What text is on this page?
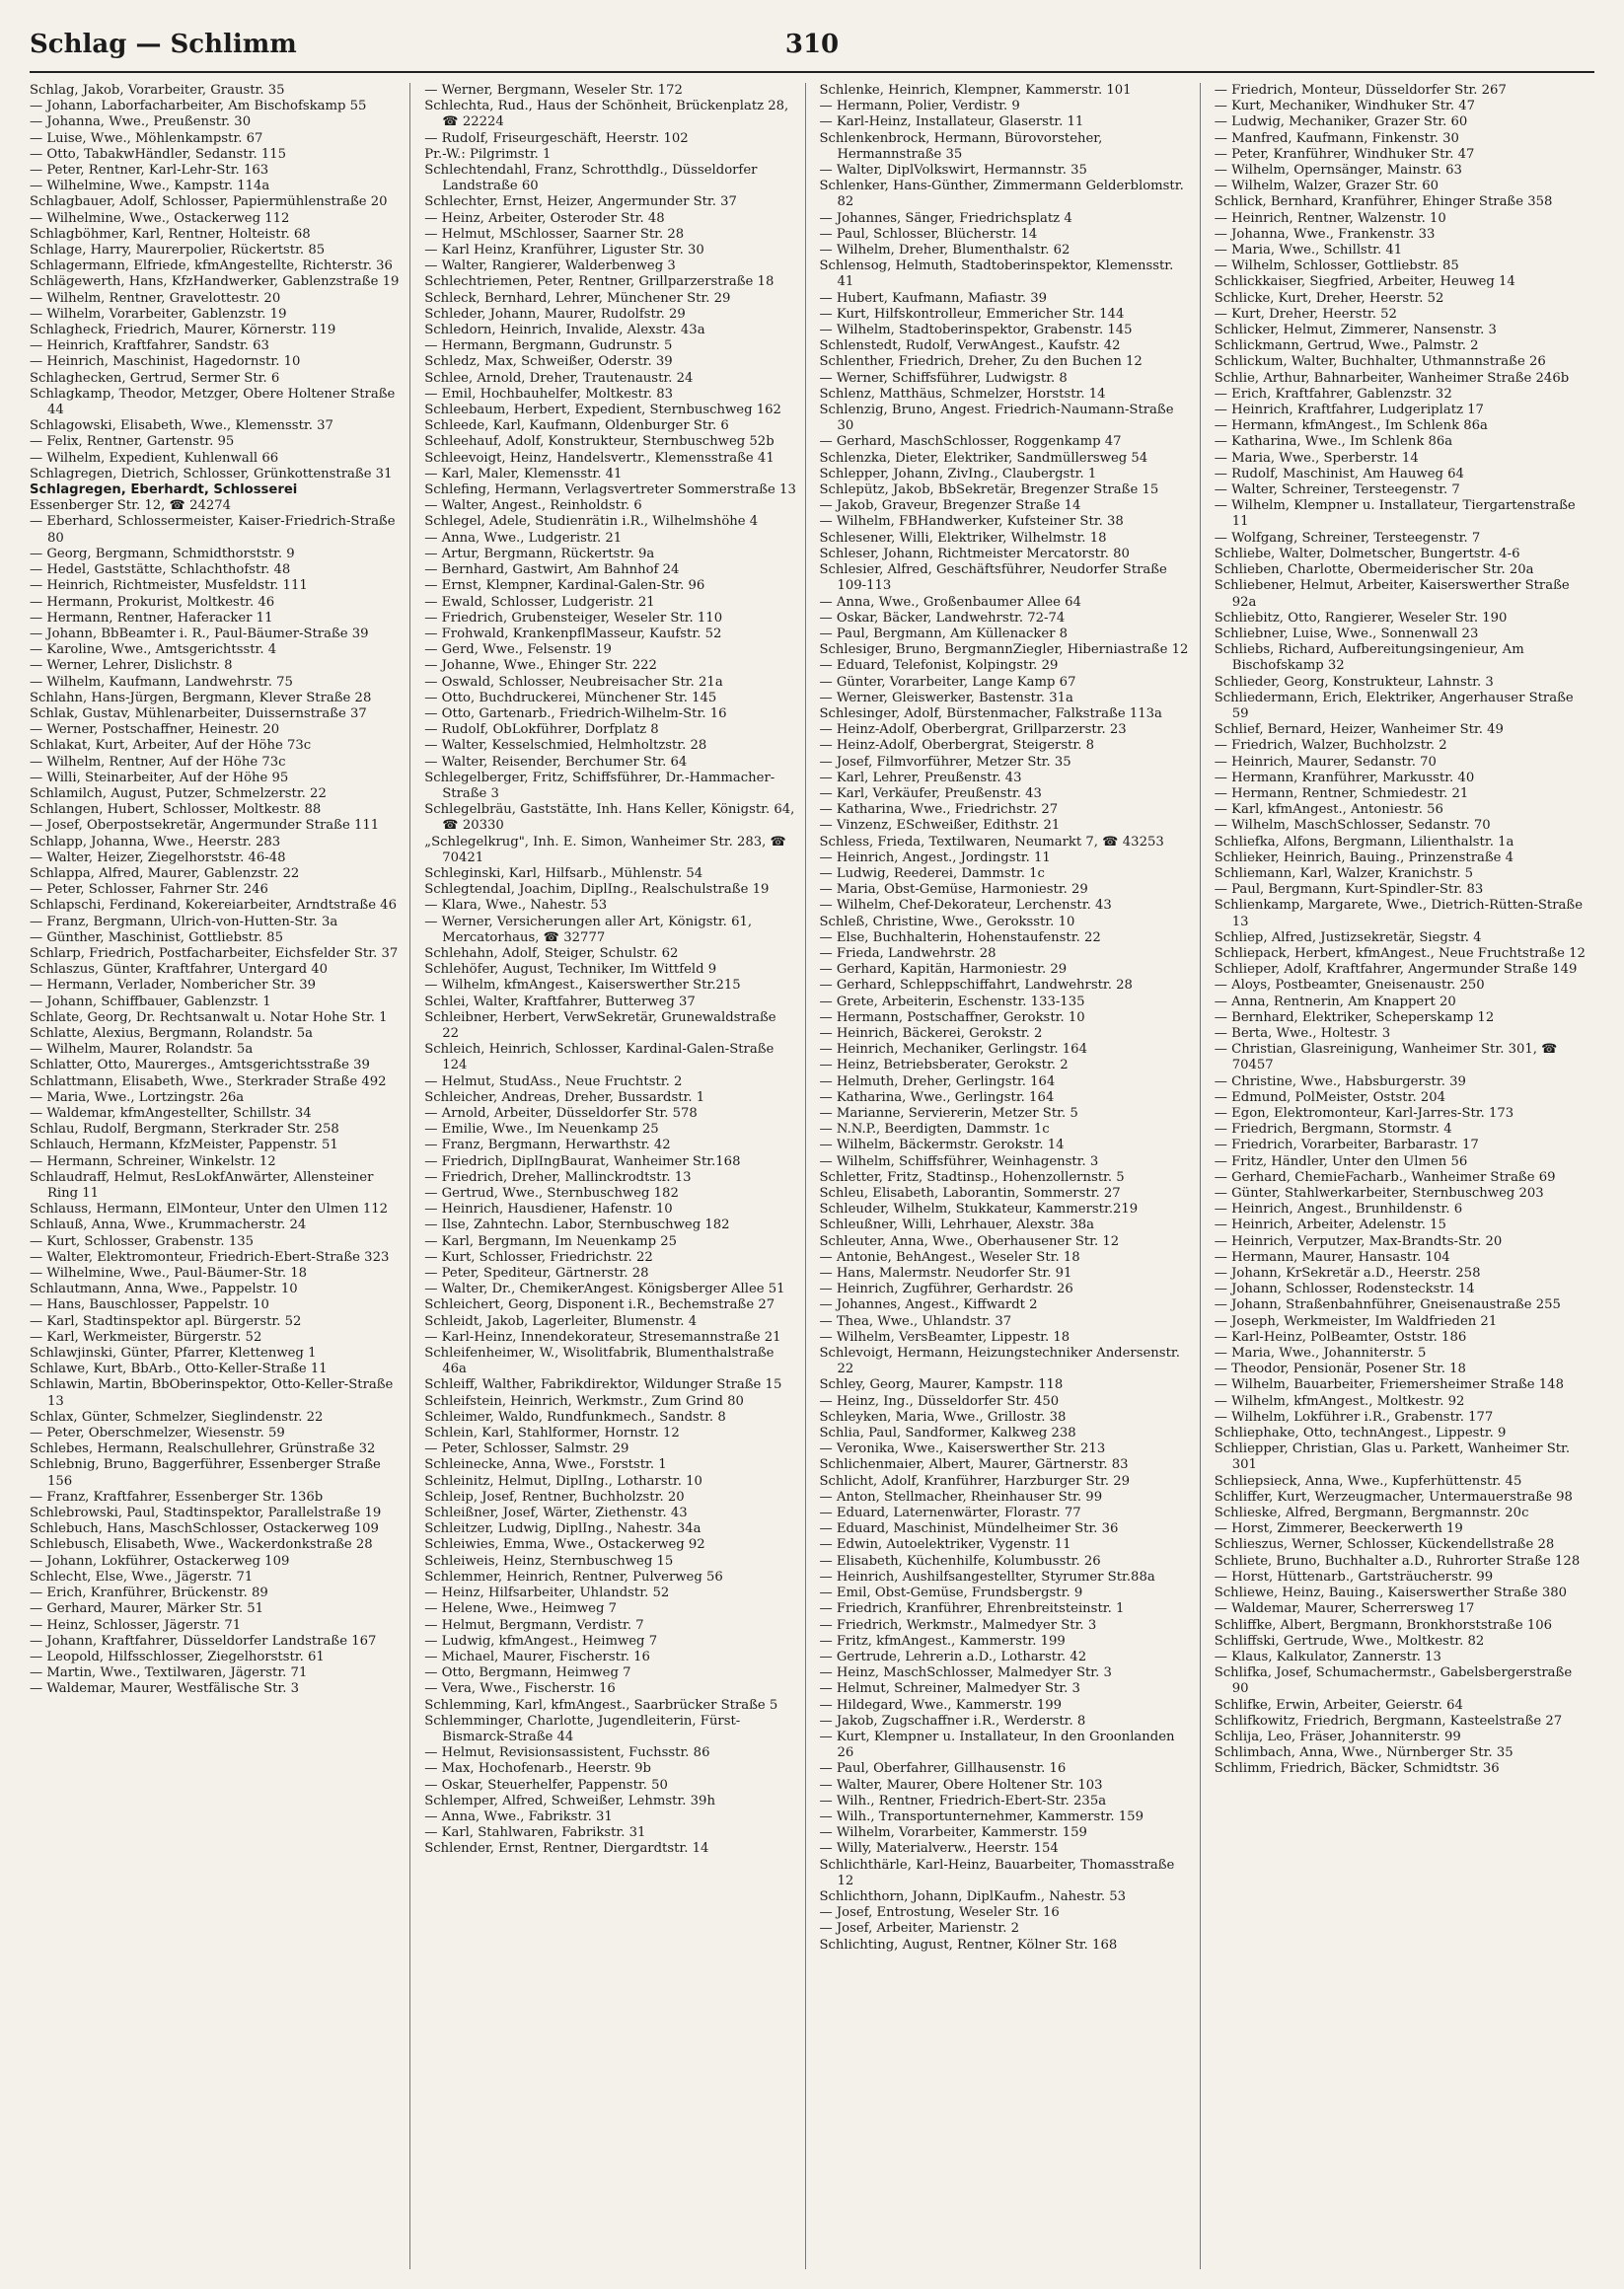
Schlag — Schlimm	310

Schlag, Jakob, Vorarbeiter, Graustr. 35

— Johann, Laborfacharbeiter, Am Bischofskamp 55

— Johanna, Wwe., Preußenstr. 30

— Luise, Wwe., Möhlenkampstr. 67

— Otto, TabakwHändler, Sedanstr. 115

— Peter, Rentner, Karl-Lehr-Str. 163

— Wilhelmine, Wwe., Kampstr. 114a

Schlagbauer, Adolf, Schlosser, Papiermühlenstraße 20

— Wilhelmine, Wwe., Ostackerweg 112

Schlagböhmer, Karl, Rentner, Holteistr. 68

Schlage, Harry, Maurerpolier, Rückertstr. 85

Schlagermann, Elfriede, kfmAngestellte, Richterstr. 36

Schlägewerth, Hans, KfzHandwerker, Gablenzstraße 19

— Wilhelm, Rentner, Gravelottestr. 20

— Wilhelm, Vorarbeiter, Gablenzstr. 19

Schlagheck, Friedrich, Maurer, Körnerstr. 119

— Heinrich, Kraftfahrer, Sandstr. 63

— Heinrich, Maschinist, Hagedornstr. 10

Schlaghecken, Gertrud, Sermer Str. 6

Schlagkamp, Theodor, Metzger, Obere Holtener Straße 44

Schlagowski, Elisabeth, Wwe., Klemensstr. 37

— Felix, Rentner, Gartenstr. 95

— Wilhelm, Expedient, Kuhlenwall 66

Schlagregen, Dietrich, Schlosser, Grünkottenstraße 31

Schlagregen, Eberhardt, Schlosserei

Essenberger Str. 12, ☎ 24274

— Eberhard, Schlossermeister, Kaiser-Friedrich-Straße 80

— Georg, Bergmann, Schmidthorststr. 9

— Hedel, Gaststätte, Schlachthofstr. 48

— Heinrich, Richtmeister, Musfeldstr. 111

— Hermann, Prokurist, Moltkestr. 46

— Hermann, Rentner, Haferacker 11

— Johann, BbBeamter i. R., Paul-Bäumer-Straße 39

— Karoline, Wwe., Amtsgerichtsstr. 4

— Werner, Lehrer, Dislichstr. 8

— Wilhelm, Kaufmann, Landwehrstr. 75

Schlahn, Hans-Jürgen, Bergmann, Klever Straße 28

Schlak, Gustav, Mühlenarbeiter, Duissernstraße 37

— Werner, Postschaffner, Heinestr. 20

Schlakat, Kurt, Arbeiter, Auf der Höhe 73c

— Wilhelm, Rentner, Auf der Höhe 73c

— Willi, Steinarbeiter, Auf der Höhe 95

Schlamilch, August, Putzer, Schmelzerstr. 22

Schlangen, Hubert, Schlosser, Moltkestr. 88

— Josef, Oberpostsekretär, Angermunder Straße 111

Schlapp, Johanna, Wwe., Heerstr. 283

— Walter, Heizer, Ziegelhorststr. 46-48

Schlappa, Alfred, Maurer, Gablenzstr. 22

— Peter, Schlosser, Fahrner Str. 246

Schlapschi, Ferdinand, Kokereiarbeiter, Arndtstraße 46

— Franz, Bergmann, Ulrich-von-Hutten-Str. 3a

— Günther, Maschinist, Gottliebstr. 85

Schlarp, Friedrich, Postfacharbeiter, Eichsfelder Str. 37

Schlaszus, Günter, Kraftfahrer, Untergard 40

— Hermann, Verlader, Nombericher Str. 39

— Johann, Schiffbauer, Gablenzstr. 1

Schlate, Georg, Dr. Rechtsanwalt u. Notar Hohe Str. 1

Schlatte, Alexius, Bergmann, Rolandstr. 5a

— Wilhelm, Maurer, Rolandstr. 5a

Schlatter, Otto, Maurerges., Amtsgerichtsstraße 39

Schlattmann, Elisabeth, Wwe., Sterkrader Straße 492

— Maria, Wwe., Lortzingstr. 26a

— Waldemar, kfmAngestellter, Schillstr. 34

Schlau, Rudolf, Bergmann, Sterkrader Str. 258

Schlauch, Hermann, KfzMeister, Pappenstr. 51

— Hermann, Schreiner, Winkelstr. 12

Schlaudraff, Helmut, ResLokfAnwärter, Allensteiner Ring 11

Schlauss, Hermann, ElMonteur, Unter den Ulmen 112

Schlauß, Anna, Wwe., Krummacherstr. 24

— Kurt, Schlosser, Grabenstr. 135

— Walter, Elektromonteur, Friedrich-Ebert-Straße 323

— Wilhelmine, Wwe., Paul-Bäumer-Str. 18

Schlautmann, Anna, Wwe., Pappelstr. 10

— Hans, Bauschlosser, Pappelstr. 10

— Karl, Stadtinspektor apl. Bürgerstr. 52

— Karl, Werkmeister, Bürgerstr. 52

Schlawjinski, Günter, Pfarrer, Klettenweg 1

Schlawe, Kurt, BbArb., Otto-Keller-Straße 11

Schlawin, Martin, BbOberinspektor, Otto-Keller-Straße 13

Schlax, Günter, Schmelzer, Sieglindenstr. 22

— Peter, Oberschmelzer, Wiesenstr. 59

Schlebes, Hermann, Realschullehrer, Grünstraße 32

Schlebnig, Bruno, Baggerführer, Essenberger Straße 156

— Franz, Kraftfahrer, Essenberger Str. 136b

Schlebrowski, Paul, Stadtinspektor, Parallelstraße 19

Schlebuch, Hans, MaschSchlosser, Ostackerweg 109

Schlebusch, Elisabeth, Wwe., Wackerdonkstraße 28

— Johann, Lokführer, Ostackerweg 109

Schlecht, Else, Wwe., Jägerstr. 71

— Erich, Kranführer, Brückenstr. 89

— Gerhard, Maurer, Märker Str. 51

— Heinz, Schlosser, Jägerstr. 71

— Johann, Kraftfahrer, Düsseldorfer Landstraße 167

— Leopold, Hilfsschlosser, Ziegelhorststr. 61

— Martin, Wwe., Textilwaren, Jägerstr. 71

— Waldemar, Maurer, Westfälische Str. 3

— Werner, Bergmann, Weseler Str. 172

Schlechta, Rud., Haus der Schönheit, Brückenplatz 28, ☎ 22224

— Rudolf, Friseurgeschäft, Heerstr. 102

Pr.-W.: Pilgrimstr. 1

Schlechtendahl, Franz, Schrotthdlg., Düsseldorfer Landstraße 60

Schlechter, Ernst, Heizer, Angermunder Str. 37

— Heinz, Arbeiter, Osteroder Str. 48

— Helmut, MSchlosser, Saarner Str. 28

— Karl Heinz, Kranführer, Liguster Str. 30

— Walter, Rangierer, Walderbenweg 3

Schlechtriemen, Peter, Rentner, Grillparzerstraße 18

Schleck, Bernhard, Lehrer, Münchener Str. 29

Schleder, Johann, Maurer, Rudolfstr. 29

Schledorn, Heinrich, Invalide, Alexstr. 43a

— Hermann, Bergmann, Gudrunstr. 5

Schledz, Max, Schweißer, Oderstr. 39

Schlee, Arnold, Dreher, Trautenaustr. 24

— Emil, Hochbauhelfer, Moltkestr. 83

Schleebaum, Herbert, Expedient, Sternbuschweg 162

Schleede, Karl, Kaufmann, Oldenburger Str. 6

Schleehauf, Adolf, Konstrukteur, Sternbuschweg 52b

Schleevoigt, Heinz, Handelsvertr., Klemensstraße 41

— Karl, Maler, Klemensstr. 41

Schlefing, Hermann, Verlagsvertreter Sommerstraße 13

— Walter, Angest., Reinholdstr. 6

Schlegel, Adele, Studienrätin i.R., Wilhelmshöhe 4

— Anna, Wwe., Ludgeristr. 21

— Artur, Bergmann, Rückertstr. 9a

— Bernhard, Gastwirt, Am Bahnhof 24

— Ernst, Klempner, Kardinal-Galen-Str. 96

— Ewald, Schlosser, Ludgeristr. 21

— Friedrich, Grubensteiger, Weseler Str. 110

— Frohwald, KrankenpflMasseur, Kaufstr. 52

— Gerd, Wwe., Felsenstr. 19

— Johanne, Wwe., Ehinger Str. 222

— Oswald, Schlosser, Neubreisacher Str. 21a

— Otto, Buchdruckerei, Münchener Str. 145

— Otto, Gartenarb., Friedrich-Wilhelm-Str. 16

— Rudolf, ObLokführer, Dorfplatz 8

— Walter, Kesselschmied, Helmholtzstr. 28

— Walter, Reisender, Berchumer Str. 64

Schlegelberger, Fritz, Schiffsführer, Dr.-Hammacher-Straße 3

Schlegelbräu, Gaststätte, Inh. Hans Keller, Königstr. 64, ☎ 20330

„Schlegelkrug", Inh. E. Simon, Wanheimer Str. 283, ☎ 70421

Schleginski, Karl, Hilfsarb., Mühlenstr. 54

Schlegtendal, Joachim, DiplIng., Realschulstraße 19

— Klara, Wwe., Nahestr. 53

— Werner, Versicherungen aller Art, Königstr. 61, Mercatorhaus, ☎ 32777

Schlehahn, Adolf, Steiger, Schulstr. 62

Schlehöfer, August, Techniker, Im Wittfeld 9

— Wilhelm, kfmAngest., Kaiserswerther Str.215

Schlei, Walter, Kraftfahrer, Butterweg 37

Schleibner, Herbert, VerwSekretär, Grunewaldstraße 22

Schleich, Heinrich, Schlosser, Kardinal-Galen-Straße 124

— Helmut, StudAss., Neue Fruchtstr. 2

Schleicher, Andreas, Dreher, Bussardstr. 1

— Arnold, Arbeiter, Düsseldorfer Str. 578

— Emilie, Wwe., Im Neuenkamp 25

— Franz, Bergmann, Herwarthstr. 42

— Friedrich, DiplIngBaurat, Wanheimer Str.168

— Friedrich, Dreher, Mallinckrodtstr. 13

— Gertrud, Wwe., Sternbuschweg 182

— Heinrich, Hausdiener, Hafenstr. 10

— Ilse, Zahntechn. Labor, Sternbuschweg 182

— Karl, Bergmann, Im Neuenkamp 25

— Kurt, Schlosser, Friedrichstr. 22

— Peter, Spediteur, Gärtnerstr. 28

— Walter, Dr., ChemikerAngest. Königsberger Allee 51

Schleichert, Georg, Disponent i.R., Bechemstraße 27

Schleidt, Jakob, Lagerleiter, Blumenstr. 4

— Karl-Heinz, Innendekorateur, Stresemannstraße 21

Schleifenheimer, W., Wisolitfabrik, Blumenthalstraße 46a

Schleiff, Walther, Fabrikdirektor, Wildunger Straße 15

Schleifstein, Heinrich, Werkmstr., Zum Grind 80

Schleimer, Waldo, Rundfunkmech., Sandstr. 8

Schlein, Karl, Stahlformer, Hornstr. 12

— Peter, Schlosser, Salmstr. 29

Schleinecke, Anna, Wwe., Forststr. 1

Schleinitz, Helmut, DiplIng., Lotharstr. 10

Schleip, Josef, Rentner, Buchholzstr. 20

Schleißner, Josef, Wärter, Ziethenstr. 43

Schleitzer, Ludwig, DiplIng., Nahestr. 34a

Schleiwies, Emma, Wwe., Ostackerweg 92

Schleiweis, Heinz, Sternbuschweg 15

Schlemmer, Heinrich, Rentner, Pulverweg 56

— Heinz, Hilfsarbeiter, Uhlandstr. 52

— Helene, Wwe., Heimweg 7

— Helmut, Bergmann, Verdistr. 7

— Ludwig, kfmAngest., Heimweg 7

— Michael, Maurer, Fischerstr. 16

— Otto, Bergmann, Heimweg 7

— Vera, Wwe., Fischerstr. 16

Schlemming, Karl, kfmAngest., Saarbrücker Straße 5

Schlemminger, Charlotte, Jugendleiterin, Fürst-Bismarck-Straße 44

— Helmut, Revisionsassistent, Fuchsstr. 86

— Max, Hochofenarb., Heerstr. 9b

— Oskar, Steuerhelfer, Pappenstr. 50

Schlemper, Alfred, Schweißer, Lehmstr. 39h

— Anna, Wwe., Fabrikstr. 31

— Karl, Stahlwaren, Fabrikstr. 31

Schlender, Ernst, Rentner, Diergardtstr. 14

Schlenke, Heinrich, Klempner, Kammerstr. 101

— Hermann, Polier, Verdistr. 9

— Karl-Heinz, Installateur, Glaserstr. 11

Schlenkenbrock, Hermann, Bürovorsteher, Hermannstraße 35

— Walter, DiplVolkswirt, Hermannstr. 35

Schlenker, Hans-Günther, Zimmermann Gelderblomstr. 82

— Johannes, Sänger, Friedrichsplatz 4

— Paul, Schlosser, Blücherstr. 14

— Wilhelm, Dreher, Blumenthalstr. 62

Schlensog, Helmuth, Stadtoberinspektor, Klemensstr. 41

— Hubert, Kaufmann, Mafiastr. 39

— Kurt, Hilfskontrolleur, Emmericher Str. 144

— Wilhelm, Stadtoberinspektor, Grabenstr. 145

Schlenstedt, Rudolf, VerwAngest., Kaufstr. 42

Schlenther, Friedrich, Dreher, Zu den Buchen 12

— Werner, Schiffsführer, Ludwigstr. 8

Schlenz, Matthäus, Schmelzer, Horststr. 14

Schlenzig, Bruno, Angest. Friedrich-Naumann-Straße 30

— Gerhard, MaschSchlosser, Roggenkamp 47

Schlenzka, Dieter, Elektriker, Sandmüllersweg 54

Schlepper, Johann, ZivIng., Claubergstr. 1

Schlepütz, Jakob, BbSekretär, Bregenzer Straße 15

— Jakob, Graveur, Bregenzer Straße 14

— Wilhelm, FBHandwerker, Kufsteiner Str. 38

Schlesener, Willi, Elektriker, Wilhelmstr. 18

Schleser, Johann, Richtmeister Mercatorstr. 80

Schlesier, Alfred, Geschäftsführer, Neudorfer Straße 109-113

— Anna, Wwe., Großenbaumer Allee 64

— Oskar, Bäcker, Landwehrstr. 72-74

— Paul, Bergmann, Am Küllenacker 8

Schlesiger, Bruno, BergmannZiegler, Hiberniastraße 12

— Eduard, Telefonist, Kolpingstr. 29

— Günter, Vorarbeiter, Lange Kamp 67

— Werner, Gleiswerker, Bastenstr. 31a

Schlesinger, Adolf, Bürstenmacher, Falkstraße 113a

— Heinz-Adolf, Oberbergrat, Grillparzerstr. 23

— Heinz-Adolf, Oberbergrat, Steigerstr. 8

— Josef, Filmvorführer, Metzer Str. 35

— Karl, Lehrer, Preußenstr. 43

— Karl, Verkäufer, Preußenstr. 43

— Katharina, Wwe., Friedrichstr. 27

— Vinzenz, ESchweißer, Edithstr. 21

Schless, Frieda, Textilwaren, Neumarkt 7, ☎ 43253

— Heinrich, Angest., Jordingstr. 11

— Ludwig, Reederei, Dammstr. 1c

— Maria, Obst-Gemüse, Harmoniestr. 29

— Wilhelm, Chef-Dekorateur, Lerchenstr. 43

Schleß, Christine, Wwe., Geroksstr. 10

— Else, Buchhalterin, Hohenstaufenstr. 22

— Frieda, Landwehrstr. 28

— Gerhard, Kapitän, Harmoniestr. 29

— Gerhard, Schleppschiffahrt, Landwehrstr. 28

— Grete, Arbeiterin, Eschenstr. 133-135

— Hermann, Postschaffner, Gerokstr. 10

— Heinrich, Bäckerei, Gerokstr. 2

— Heinrich, Mechaniker, Gerlingstr. 164

— Heinz, Betriebsberater, Gerokstr. 2

— Helmuth, Dreher, Gerlingstr. 164

— Katharina, Wwe., Gerlingstr. 164

— Marianne, Serviererin, Metzer Str. 5

— N.N.P., Beerdigten, Dammstr. 1c

— Wilhelm, Bäckermstr. Gerokstr. 14

— Wilhelm, Schiffsführer, Weinhagenstr. 3

Schletter, Fritz, Stadtinsp., Hohenzollernstr. 5

Schleu, Elisabeth, Laborantin, Sommerstr. 27

Schleuder, Wilhelm, Stukkateur, Kammerstr.219

Schleußner, Willi, Lehrhauer, Alexstr. 38a

Schleuter, Anna, Wwe., Oberhausener Str. 12

— Antonie, BehAngest., Weseler Str. 18

— Hans, Malermstr. Neudorfer Str. 91

— Heinrich, Zugführer, Gerhardstr. 26

— Johannes, Angest., Kiffwardt 2

— Thea, Wwe., Uhlandstr. 37

— Wilhelm, VersBeamter, Lippestr. 18

Schlevoigt, Hermann, Heizungstechniker Andersenstr. 22

Schley, Georg, Maurer, Kampstr. 118

— Heinz, Ing., Düsseldorfer Str. 450

Schleyken, Maria, Wwe., Grillostr. 38

Schlia, Paul, Sandformer, Kalkweg 238

— Veronika, Wwe., Kaiserswerther Str. 213

Schlichenmaier, Albert, Maurer, Gärtnerstr. 83

Schlicht, Adolf, Kranführer, Harzburger Str. 29

— Anton, Stellmacher, Rheinhauser Str. 99

— Eduard, Laternenwärter, Florastr. 77

— Eduard, Maschinist, Mündelheimer Str. 36

— Edwin, Autoelektriker, Vygenstr. 11

— Elisabeth, Küchenhilfe, Kolumbusstr. 26

— Heinrich, Aushilfsangestellter, Styrumer Str.88a

— Emil, Obst-Gemüse, Frundsbergstr. 9

— Friedrich, Kranführer, Ehrenbreitsteinstr. 1

— Friedrich, Werkmstr., Malmedyer Str. 3

— Fritz, kfmAngest., Kammerstr. 199

— Gertrude, Lehrerin a.D., Lotharstr. 42

— Heinz, MaschSchlosser, Malmedyer Str. 3

— Helmut, Schreiner, Malmedyer Str. 3

— Hildegard, Wwe., Kammerstr. 199

— Jakob, Zugschaffner i.R., Werderstr. 8

— Kurt, Klempner u. Installateur, In den Groonlanden 26

— Paul, Oberfahrer, Gillhausenstr. 16

— Walter, Maurer, Obere Holtener Str. 103

— Wilh., Rentner, Friedrich-Ebert-Str. 235a

— Wilh., Transportunternehmer, Kammerstr. 159

— Wilhelm, Vorarbeiter, Kammerstr. 159

— Willy, Materialverw., Heerstr. 154

Schlichthärle, Karl-Heinz, Bauarbeiter, Thomasstraße 12

Schlichthorn, Johann, DiplKaufm., Nahestr. 53

— Josef, Entrostung, Weseler Str. 16

— Josef, Arbeiter, Marienstr. 2

Schlichting, August, Rentner, Kölner Str. 168

— Friedrich, Monteur, Düsseldorfer Str. 267

— Kurt, Mechaniker, Windhuker Str. 47

— Ludwig, Mechaniker, Grazer Str. 60

— Manfred, Kaufmann, Finkenstr. 30

— Peter, Kranführer, Windhuker Str. 47

— Wilhelm, Opernsänger, Mainstr. 63

— Wilhelm, Walzer, Grazer Str. 60

Schlick, Bernhard, Kranführer, Ehinger Straße 358

— Heinrich, Rentner, Walzenstr. 10

— Johanna, Wwe., Frankenstr. 33

— Maria, Wwe., Schillstr. 41

— Wilhelm, Schlosser, Gottliebstr. 85

Schlickkaiser, Siegfried, Arbeiter, Heuweg 14

Schlicke, Kurt, Dreher, Heerstr. 52

— Kurt, Dreher, Heerstr. 52

Schlicker, Helmut, Zimmerer, Nansenstr. 3

Schlickmann, Gertrud, Wwe., Palmstr. 2

Schlickum, Walter, Buchhalter, Uthmannstraße 26

Schlie, Arthur, Bahnarbeiter, Wanheimer Straße 246b

— Erich, Kraftfahrer, Gablenzstr. 32

— Heinrich, Kraftfahrer, Ludgeriplatz 17

— Hermann, kfmAngest., Im Schlenk 86a

— Katharina, Wwe., Im Schlenk 86a

— Maria, Wwe., Sperberstr. 14

— Rudolf, Maschinist, Am Hauweg 64

— Walter, Schreiner, Tersteegenstr. 7

— Wilhelm, Klempner u. Installateur, Tiergartenstraße 11

— Wolfgang, Schreiner, Tersteegenstr. 7

Schliebe, Walter, Dolmetscher, Bungertstr. 4-6

Schlieben, Charlotte, Obermeiderischer Str. 20a

Schliebener, Helmut, Arbeiter, Kaiserswerther Straße 92a

Schliebitz, Otto, Rangierer, Weseler Str. 190

Schliebner, Luise, Wwe., Sonnenwall 23

Schliebs, Richard, Aufbereitungsingenieur, Am Bischofskamp 32

Schlieder, Georg, Konstrukteur, Lahnstr. 3

Schliedermann, Erich, Elektriker, Angerhauser Straße 59

Schlief, Bernard, Heizer, Wanheimer Str. 49

— Friedrich, Walzer, Buchholzstr. 2

— Heinrich, Maurer, Sedanstr. 70

— Hermann, Kranführer, Markusstr. 40

— Hermann, Rentner, Schmiedestr. 21

— Karl, kfmAngest., Antoniestr. 56

— Wilhelm, MaschSchlosser, Sedanstr. 70

Schliefka, Alfons, Bergmann, Lilienthalstr. 1a

Schlieker, Heinrich, Bauing., Prinzenstraße 4

Schliemann, Karl, Walzer, Kranichstr. 5

— Paul, Bergmann, Kurt-Spindler-Str. 83

Schlienkamp, Margarete, Wwe., Dietrich-Rütten-Straße 13

Schliep, Alfred, Justizsekretär, Siegstr. 4

Schliepack, Herbert, kfmAngest., Neue Fruchtstraße 12

Schlieper, Adolf, Kraftfahrer, Angermunder Straße 149

— Aloys, Postbeamter, Gneisenaustr. 250

— Anna, Rentnerin, Am Knappert 20

— Bernhard, Elektriker, Scheperskamp 12

— Berta, Wwe., Holtestr. 3

— Christian, Glasreinigung, Wanheimer Str. 301, ☎ 70457

— Christine, Wwe., Habsburgerstr. 39

— Edmund, PolMeister, Oststr. 204

— Egon, Elektromonteur, Karl-Jarres-Str. 173

— Friedrich, Bergmann, Stormstr. 4

— Friedrich, Vorarbeiter, Barbarastr. 17

— Fritz, Händler, Unter den Ulmen 56

— Gerhard, ChemieFacharb., Wanheimer Straße 69

— Günter, Stahlwerkarbeiter, Sternbuschweg 203

— Heinrich, Angest., Brunhildenstr. 6

— Heinrich, Arbeiter, Adelenstr. 15

— Heinrich, Verputzer, Max-Brandts-Str. 20

— Hermann, Maurer, Hansastr. 104

— Johann, KrSekretär a.D., Heerstr. 258

— Johann, Schlosser, Rodensteckstr. 14

— Johann, Straßenbahnführer, Gneisenaustraße 255

— Joseph, Werkmeister, Im Waldfrieden 21

— Karl-Heinz, PolBeamter, Oststr. 186

— Maria, Wwe., Johanniterstr. 5

— Theodor, Pensionär, Posener Str. 18

— Wilhelm, Bauarbeiter, Friemersheimer Straße 148

— Wilhelm, kfmAngest., Moltkestr. 92

— Wilhelm, Lokführer i.R., Grabenstr. 177

Schliephake, Otto, technAngest., Lippestr. 9

Schliepper, Christian, Glas u. Parkett, Wanheimer Str. 301

Schliepsieck, Anna, Wwe., Kupferhüttenstr. 45

Schliffer, Kurt, Werzeugmacher, Untermauerstraße 98

Schlieske, Alfred, Bergmann, Bergmannstr. 20c

— Horst, Zimmerer, Beeckerwerth 19

Schlieszus, Werner, Schlosser, Kückendellstraße 28

Schliete, Bruno, Buchhalter a.D., Ruhrorter Straße 128

— Horst, Hüttenarb., Gartsträucherstr. 99

Schliewe, Heinz, Bauing., Kaiserswerther Straße 380

— Waldemar, Maurer, Scherrersweg 17

Schliffke, Albert, Bergmann, Bronkhorststraße 106

Schliffski, Gertrude, Wwe., Moltkestr. 82

— Klaus, Kalkulator, Zannerstr. 13

Schlifka, Josef, Schumachermstr., Gabelsbergerstraße 90

Schlifke, Erwin, Arbeiter, Geierstr. 64

Schlifkowitz, Friedrich, Bergmann, Kasteelstraße 27

Schlija, Leo, Fräser, Johanniterstr. 99

Schlimbach, Anna, Wwe., Nürnberger Str. 35

Schlimm, Friedrich, Bäcker, Schmidtstr. 36
